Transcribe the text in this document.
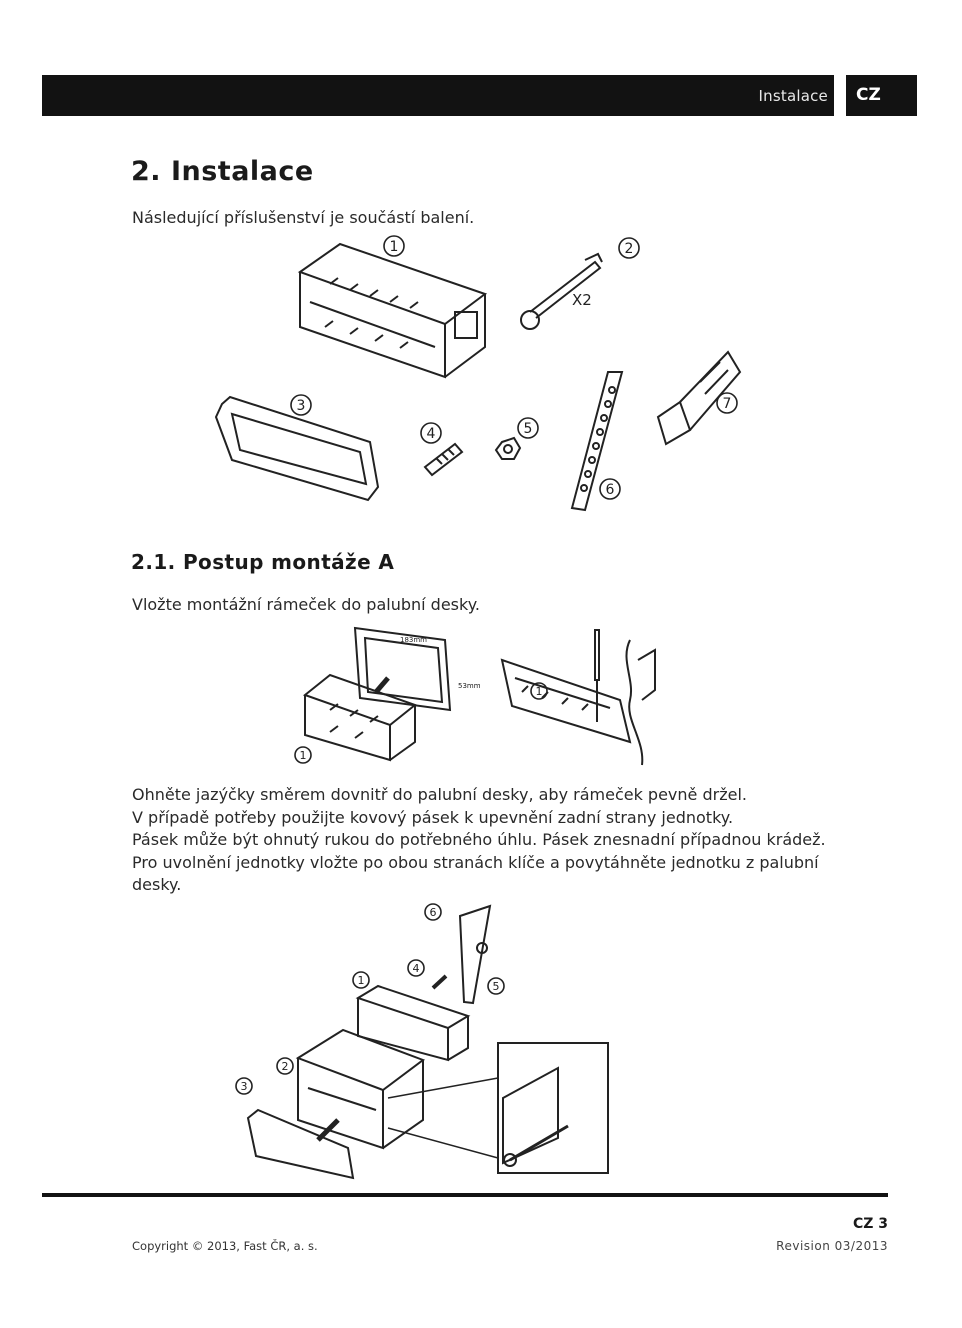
Instalace	CZ
2. Instalace

Následující příslušenství je součástí balení.

1
X2
2
3
4	5
6
7
2.1. Postup montáže A

Vložte montážní rámeček do palubní desky.

183mm
53mm
1
1
Ohněte jazýčky směrem dovnitř do palubní desky, aby rámeček pevně držel.
V případě potřeby použijte kovový pásek k upevnění zadní strany jednotky.
Pásek může být ohnutý rukou do potřebného úhlu. Pásek znesnadní případnou krádež.
Pro uvolnění jednotky vložte po obou stranách klíče a povytáhněte jednotku z palubní
desky.
6
4
5
1
2
3
CZ 3
Copyright © 2013, Fast ČR, a. s.	Revision 03/2013
